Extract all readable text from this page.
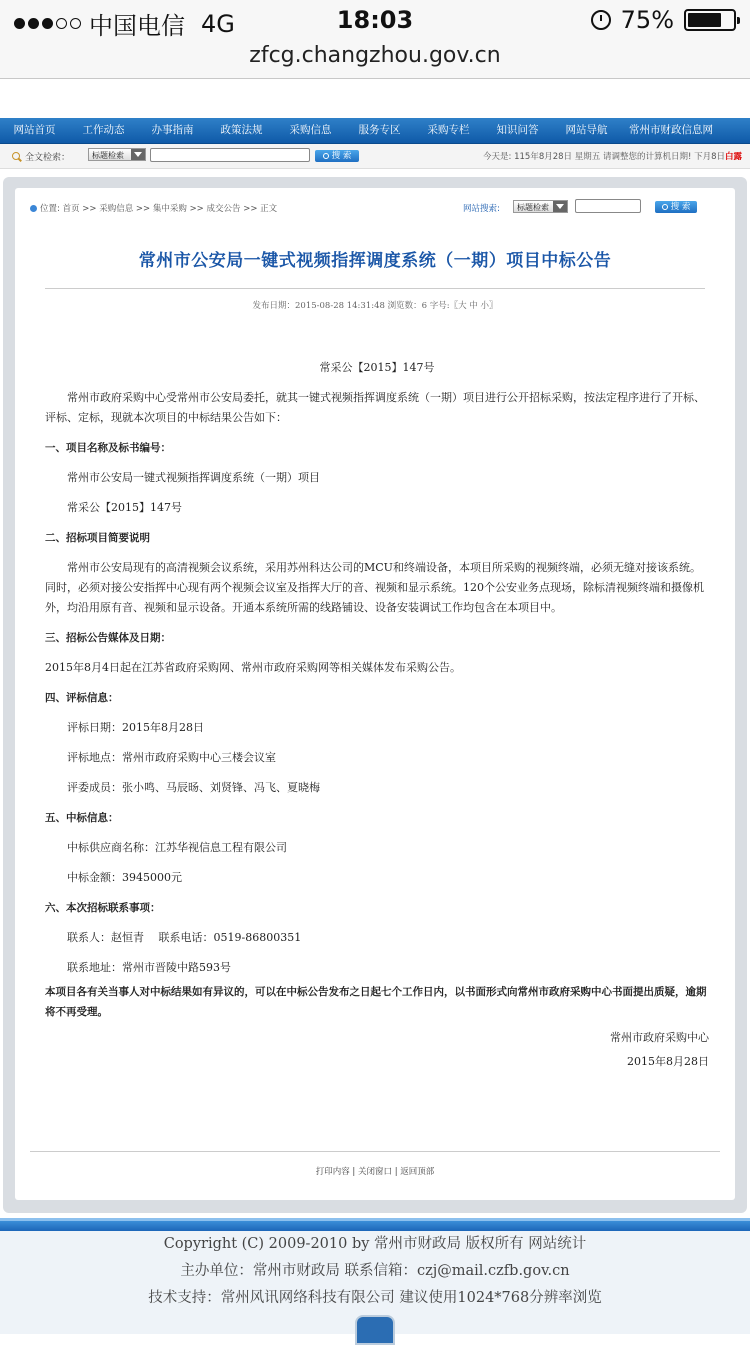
中国电信 4G	18:03	75%
zfcg.changzhou.gov.cn
网站首页	工作动态	办事指南	政策法规	采购信息	服务专区	采购专栏	知识问答	网站导航	常州市财政信息网
全文检索：	标题检索	搜 索	今天是: 115年8月28日 星期五 请调整您的计算机日期! 下月8日白露
位置: 首页 >> 采购信息 >> 集中采购 >> 成交公告 >> 正文	网站搜索:	标题检索	搜 索
常州市公安局一键式视频指挥调度系统（一期）项目中标公告
发布日期：2015-08-28 14:31:48 浏览数：6 字号:〖大 中 小〗

常采公【2015】147号

常州市政府采购中心受常州市公安局委托，就其一键式视频指挥调度系统（一期）项目进行公开招标采购，按法定程序进行了开标、评标、定标，现就本次项目的中标结果公告如下：

一、项目名称及标书编号：

常州市公安局一键式视频指挥调度系统（一期）项目

常采公【2015】147号

二、招标项目简要说明

常州市公安局现有的高清视频会议系统，采用苏州科达公司的MCU和终端设备，本项目所采购的视频终端，必须无缝对接该系统。同时，必须对接公安指挥中心现有两个视频会议室及指挥大厅的音、视频和显示系统。120个公安业务点现场，除标清视频终端和摄像机外，均沿用原有音、视频和显示设备。开通本系统所需的线路铺设、设备安装调试工作均包含在本项目中。

三、招标公告媒体及日期：

2015年8月4日起在江苏省政府采购网、常州市政府采购网等相关媒体发布采购公告。

四、评标信息：

评标日期：2015年8月28日

评标地点：常州市政府采购中心三楼会议室

评委成员：张小鸣、马辰旸、刘贤锋、冯飞、夏晓梅

五、中标信息：

中标供应商名称：江苏华视信息工程有限公司

中标金额：3945000元

六、本次招标联系事项：

联系人：赵恒青　 联系电话：0519-86800351

联系地址：常州市晋陵中路593号

本项目各有关当事人对中标结果如有异议的，可以在中标公告发布之日起七个工作日内，以书面形式向常州市政府采购中心书面提出质疑，逾期将不再受理。

常州市政府采购中心

2015年8月28日

打印内容 | 关闭窗口 | 返回顶部

Copyright (C) 2009-2010 by 常州市财政局 版权所有 网站统计

主办单位：常州市财政局 联系信箱：czj@mail.czfb.gov.cn

技术支持：常州风讯网络科技有限公司 建议使用1024*768分辨率浏览
